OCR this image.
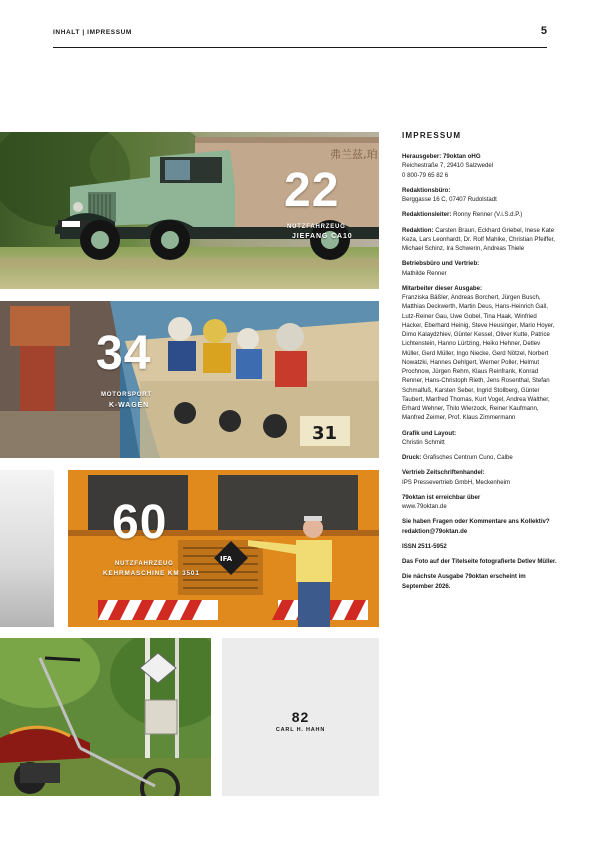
INHALT | IMPRESSUM	5
弗兰兹,珀
22
NUTZFAHRZEUG
JIEFANG CA10
31
34
MOTORSPORT
K-WAGEN
IFA
60
NUTZFAHRZEUG
KEHRMASCHINE KM 3501
82
CARL H. HAHN
IMPRESSUM
Herausgeber: 79oktan oHG
Reichestraße 7, 29410 Salzwedel
0 800-79 65 82 6
Redaktionsbüro:
Berggasse 16 C, 07407 Rudolstadt
Redaktionsleiter: Ronny Renner (V.i.S.d.P.)
Redaktion: Carsten Braun, Eckhard Griebel, Inese Kate Keza, Lars Leonhardt, Dr. Rolf Mahlke, Christian Pfeiffer, Michael Schinz, Ira Schwerin, Andreas Thiele
Betriebsbüro und Vertrieb:
Mathilde Renner
Mitarbeiter dieser Ausgabe:
Franziska Bäßler, Andreas Borchert, Jürgen Busch, Matthias Deckwerth, Martin Deus, Hans-Heinrich Gall, Lutz-Reiner Gau, Uwe Gobel, Tina Haak, Winfried Hacker, Eberhard Heinig, Steve Heusinger, Mario Hoyer, Dimo Kalaydzhiev, Günter Kessel, Oliver Kutte, Patrice Lichtenstein, Hanno Lürtzing, Heiko Hehner, Detlev Müller, Gerd Müller, Ingo Niecke, Gerd Nötzel, Norbert Nowatzki, Hannes Oehlgert, Werner Poller, Helmut Prochnow, Jürgen Rehm, Klaus Reinfrank, Konrad Renner, Hans-Christoph Rieth, Jens Rosenthal, Stefan Schmalfuß, Karsten Seber, Ingrid Stollberg, Günter Taubert, Manfred Thomas, Kurt Vogel, Andrea Walther, Erhard Wehner, Thilo Wierzock, Reiner Kaufmann, Manfred Zeimer, Prof. Klaus Zimmermann
Grafik und Layout:
Christin Schmitt
Druck: Grafisches Centrum Cuno, Calbe
Vertrieb Zeitschriftenhandel:
IPS Pressevertrieb GmbH, Meckenheim
79oktan ist erreichbar über
www.79oktan.de
Sie haben Fragen oder Kommentare ans Kollektiv? redaktion@79oktan.de
ISSN 2511-5952
Das Foto auf der Titelseite fotografierte Detlev Müller.
Die nächste Ausgabe 79oktan erscheint im September 2026.
